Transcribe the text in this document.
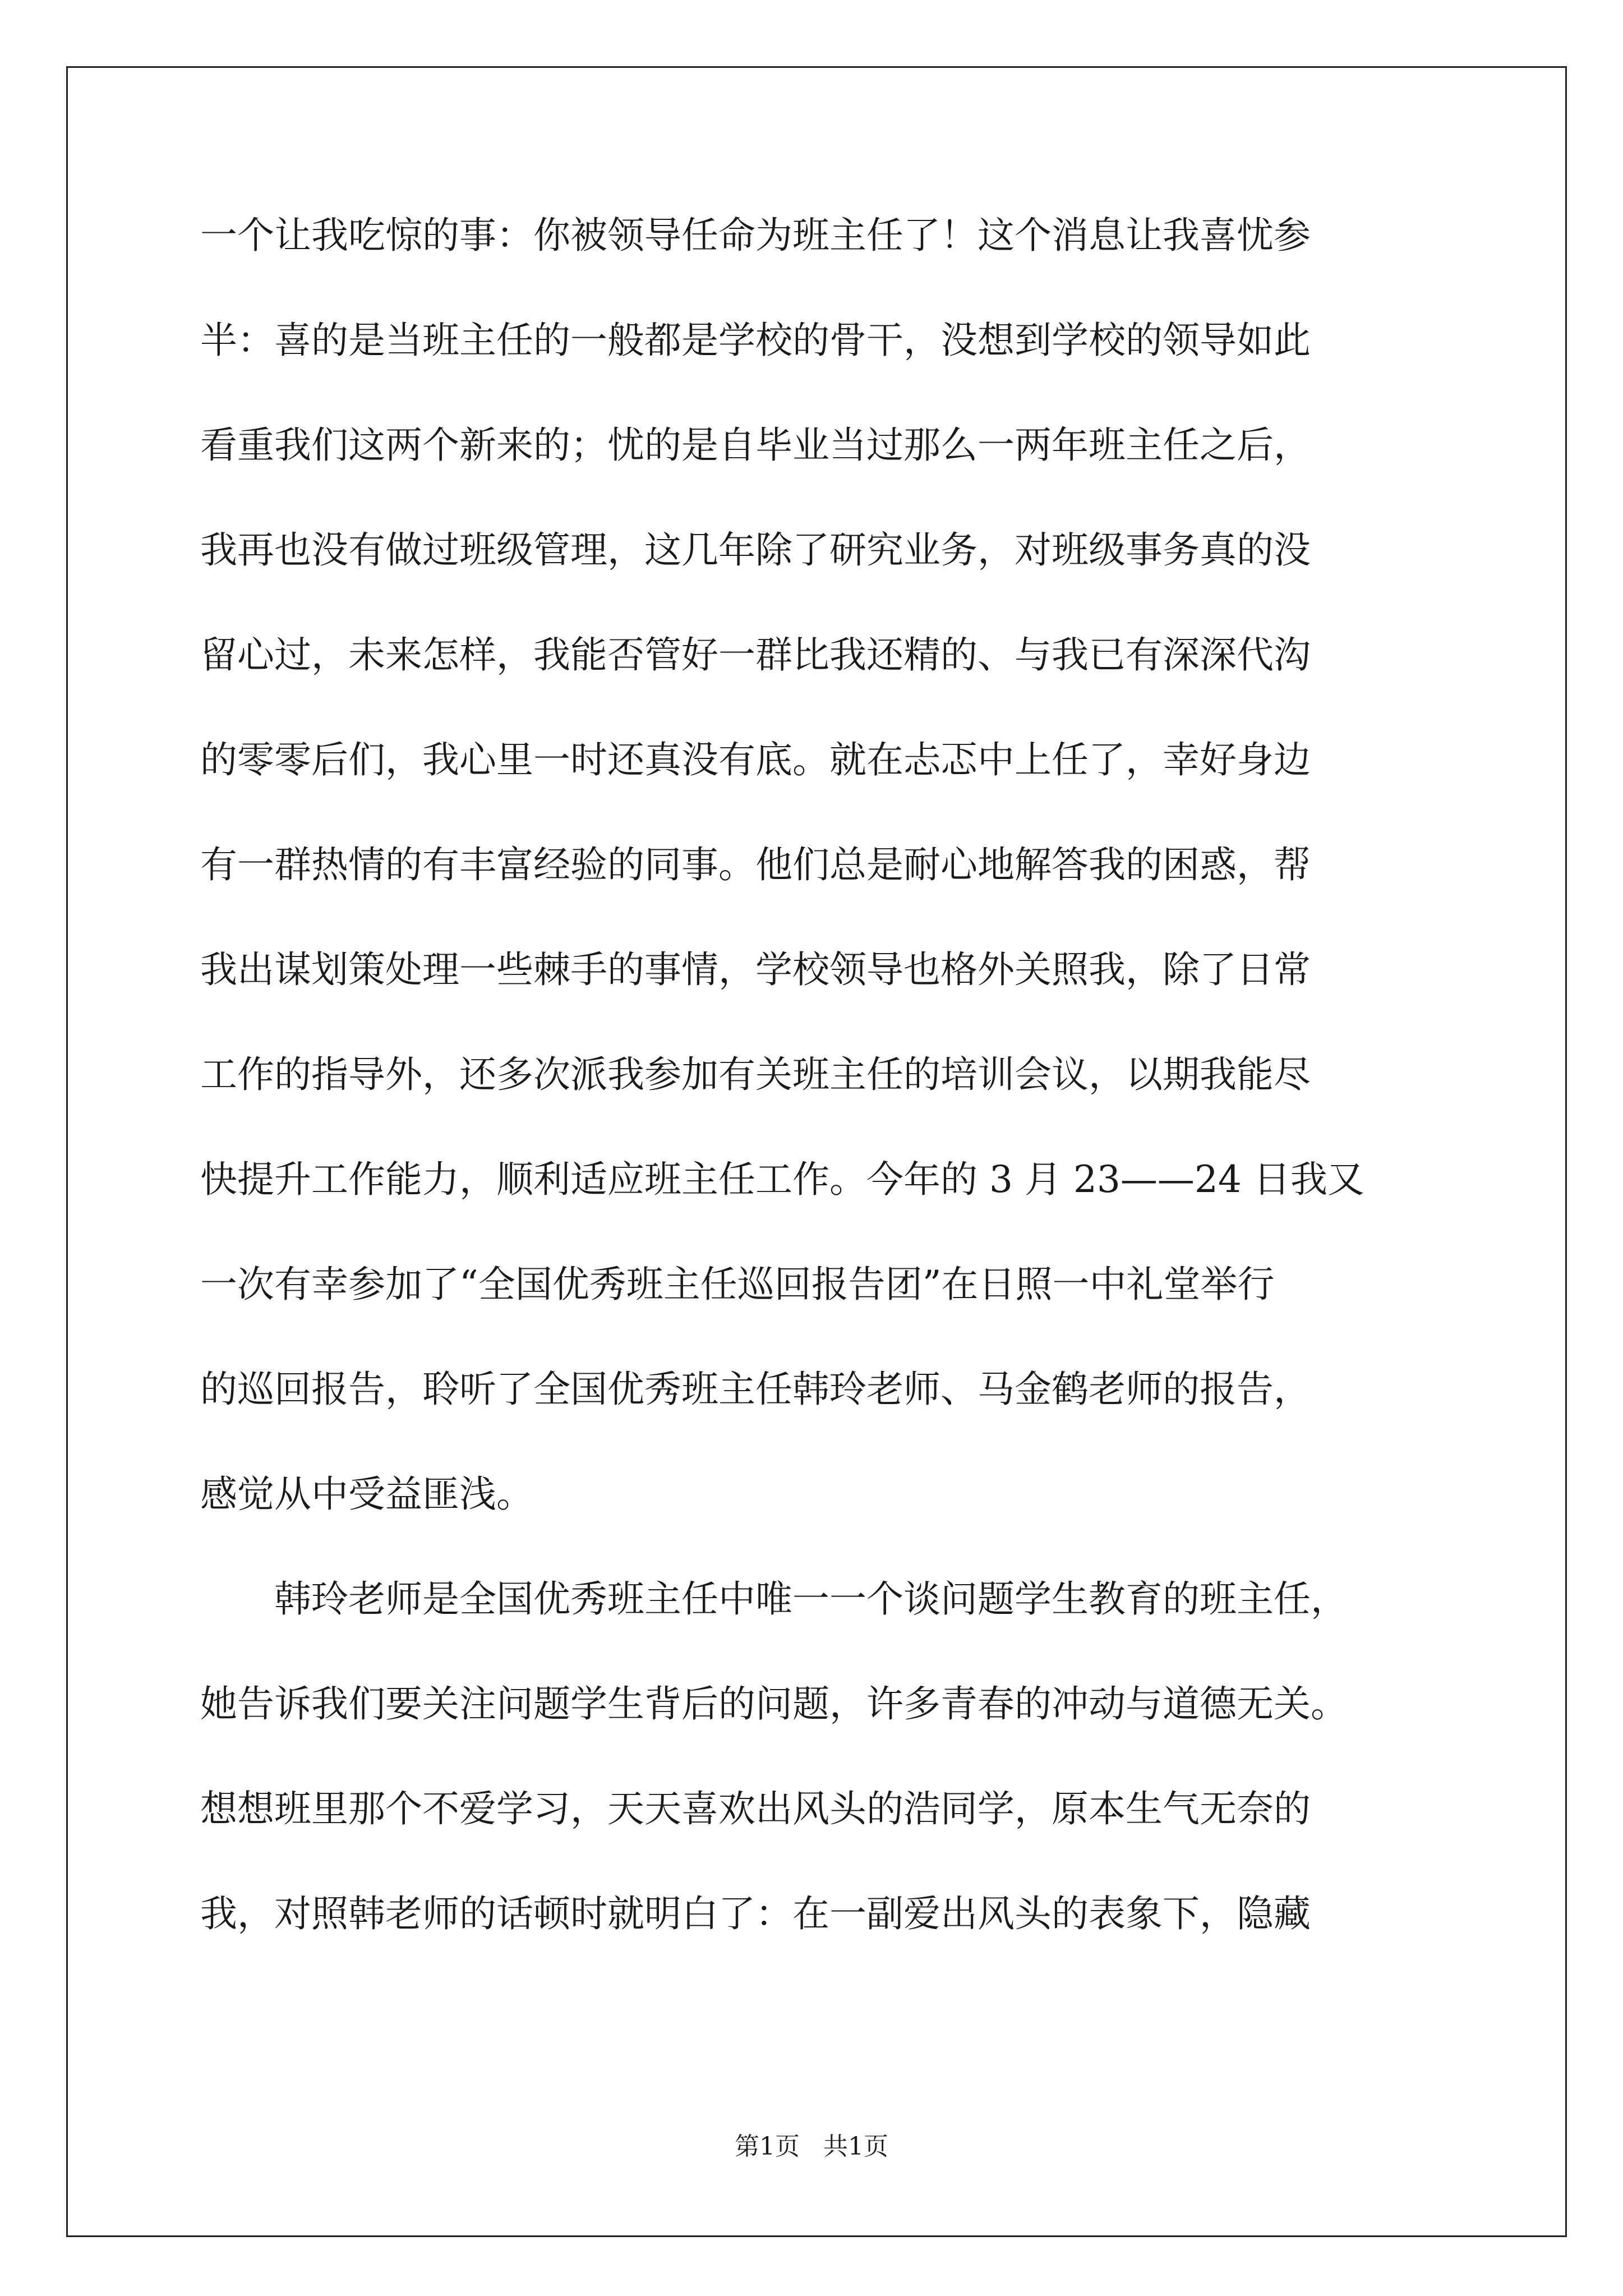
一个让我吃惊的事：你被领导任命为班主任了！这个消息让我喜忧参
半：喜的是当班主任的一般都是学校的骨干，没想到学校的领导如此
看重我们这两个新来的；忧的是自毕业当过那么一两年班主任之后，
我再也没有做过班级管理，这几年除了研究业务，对班级事务真的没
留心过，未来怎样，我能否管好一群比我还精的、与我已有深深代沟
的零零后们，我心里一时还真没有底。就在忐忑中上任了，幸好身边
有一群热情的有丰富经验的同事。他们总是耐心地解答我的困惑，帮
我出谋划策处理一些棘手的事情，学校领导也格外关照我，除了日常
工作的指导外，还多次派我参加有关班主任的培训会议，以期我能尽
快提升工作能力，顺利适应班主任工作。今年的 3 月 23——24 日我又
一次有幸参加了“全国优秀班主任巡回报告团”在日照一中礼堂举行
的巡回报告，聆听了全国优秀班主任韩玲老师、马金鹤老师的报告，
感觉从中受益匪浅。
韩玲老师是全国优秀班主任中唯一一个谈问题学生教育的班主任，
她告诉我们要关注问题学生背后的问题，许多青春的冲动与道德无关。
想想班里那个不爱学习，天天喜欢出风头的浩同学，原本生气无奈的
我，对照韩老师的话顿时就明白了：在一副爱出风头的表象下，隐藏
第1页   共1页
